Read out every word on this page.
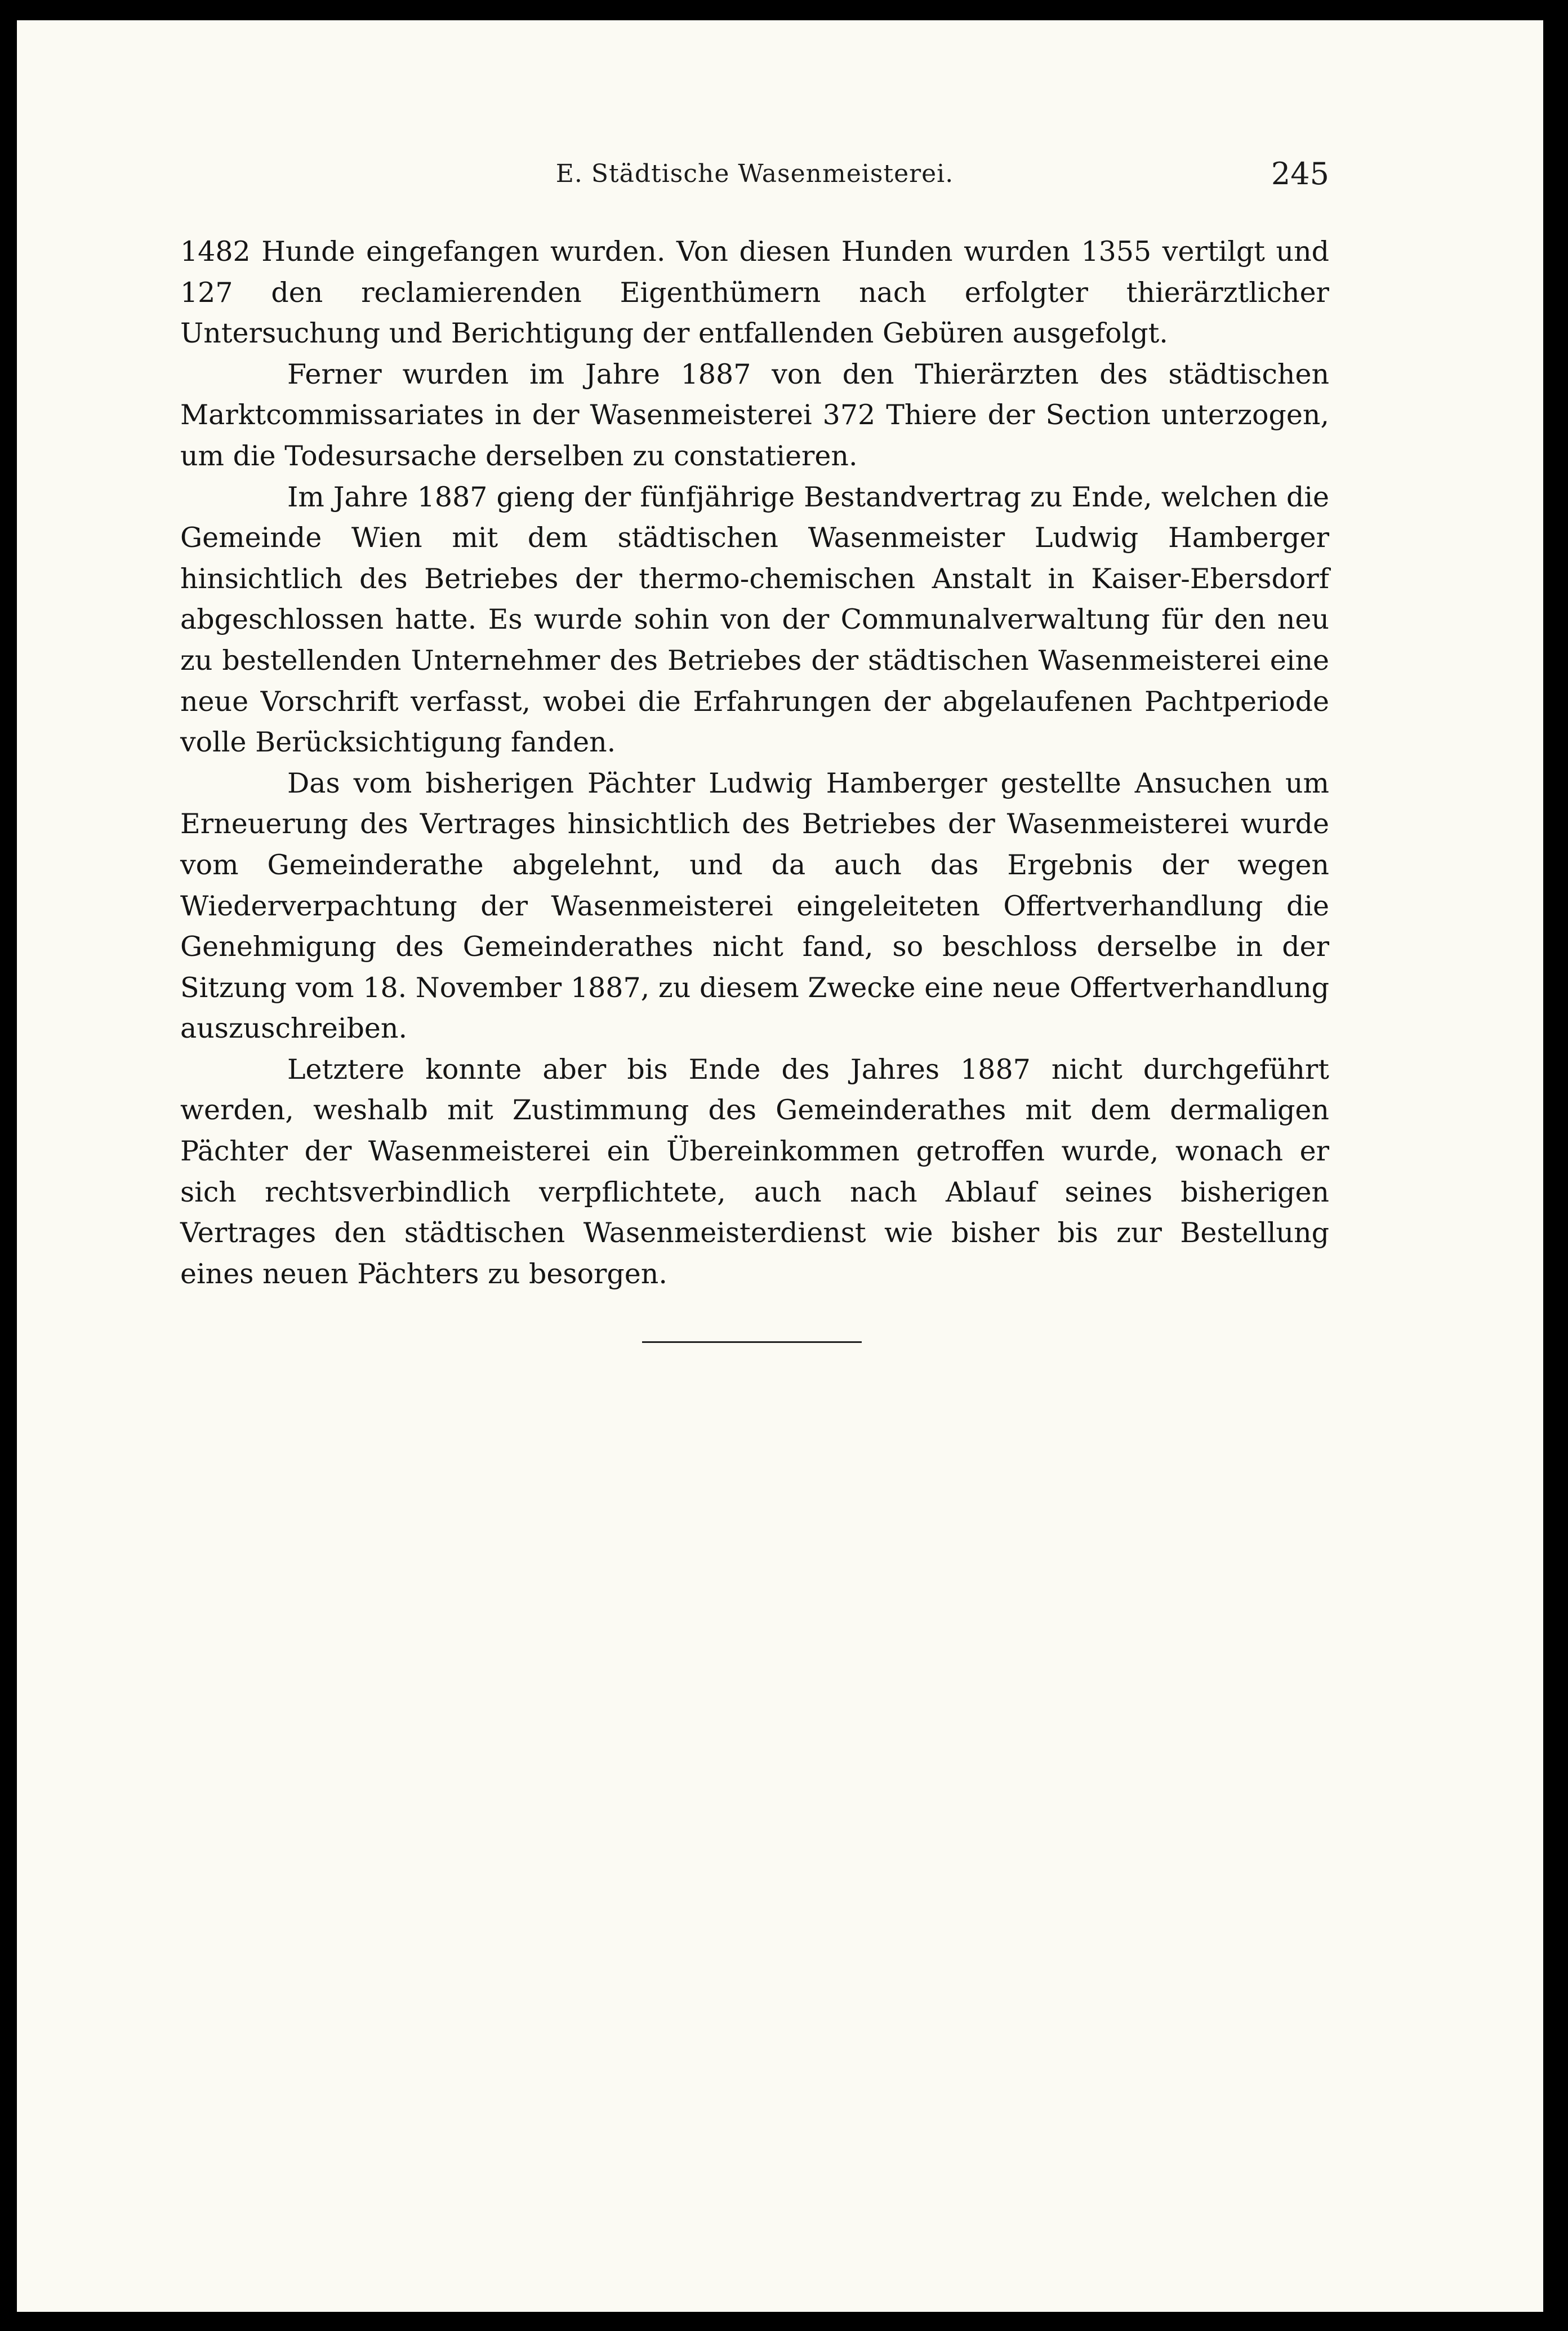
E. Städtische Wasenmeisterei.	245

1482 Hunde eingefangen wurden. Von diesen Hunden wurden 1355 vertilgt und 127 den reclamierenden Eigenthümern nach erfolgter thierärztlicher Untersuchung und Berichtigung der entfallenden Gebüren ausgefolgt.

Ferner wurden im Jahre 1887 von den Thierärzten des städtischen Marktcommissariates in der Wasenmeisterei 372 Thiere der Section unterzogen, um die Todesursache derselben zu constatieren.

Im Jahre 1887 gieng der fünfjährige Bestandvertrag zu Ende, welchen die Gemeinde Wien mit dem städtischen Wasenmeister Ludwig Hamberger hinsichtlich des Betriebes der thermo-chemischen Anstalt in Kaiser-Ebersdorf abgeschlossen hatte. Es wurde sohin von der Communalverwaltung für den neu zu bestellenden Unternehmer des Betriebes der städtischen Wasenmeisterei eine neue Vorschrift verfasst, wobei die Erfahrungen der abgelaufenen Pachtperiode volle Berücksichtigung fanden.

Das vom bisherigen Pächter Ludwig Hamberger gestellte Ansuchen um Erneuerung des Vertrages hinsichtlich des Betriebes der Wasenmeisterei wurde vom Gemeinderathe abgelehnt, und da auch das Ergebnis der wegen Wiederverpachtung der Wasenmeisterei eingeleiteten Offertverhandlung die Genehmigung des Gemeinderathes nicht fand, so beschloss derselbe in der Sitzung vom 18. November 1887, zu diesem Zwecke eine neue Offertverhandlung auszuschreiben.

Letztere konnte aber bis Ende des Jahres 1887 nicht durchgeführt werden, weshalb mit Zustimmung des Gemeinderathes mit dem dermaligen Pächter der Wasenmeisterei ein Übereinkommen getroffen wurde, wonach er sich rechtsverbindlich verpflichtete, auch nach Ablauf seines bisherigen Vertrages den städtischen Wasenmeisterdienst wie bisher bis zur Bestellung eines neuen Pächters zu besorgen.
